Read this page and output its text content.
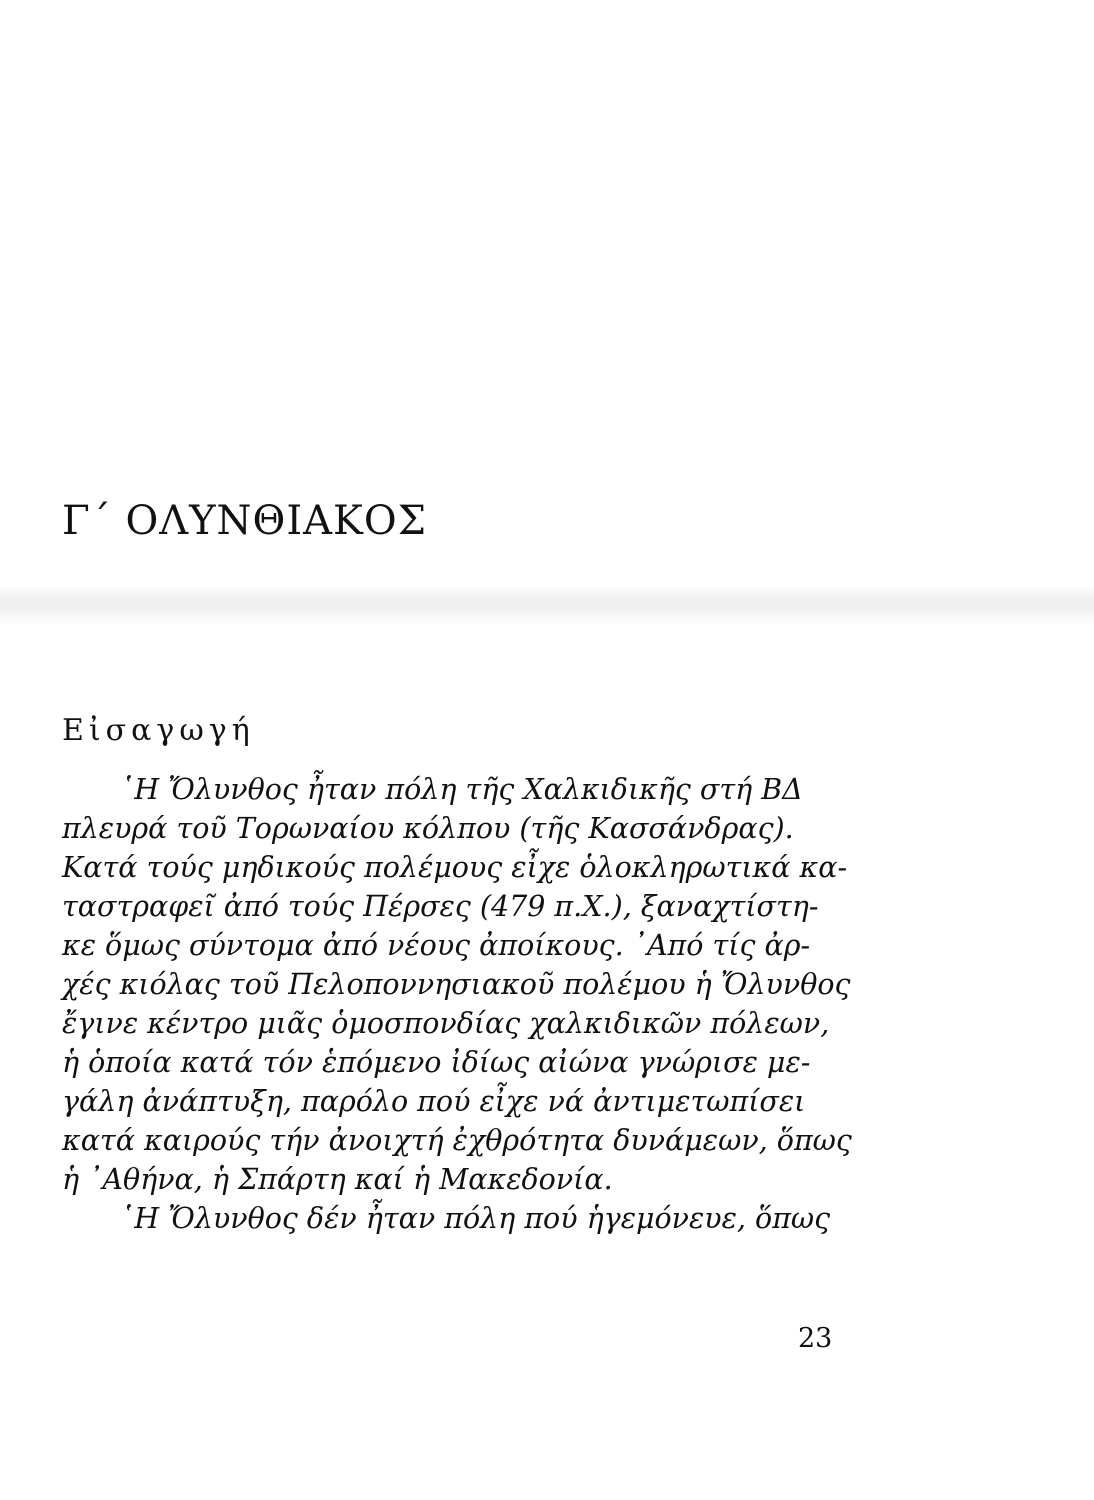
Γ΄ ΟΛΥΝΘΙΑΚΟΣ
Εἰσαγωγή
῾Η Ὄλυνθος ἦταν πόλη τῆς Χαλκιδικῆς στή ΒΔ
πλευρά τοῦ Τορωναίου κόλπου (τῆς Κασσάνδρας).
Κατά τούς μηδικούς πολέμους εἶχε ὁλοκληρωτικά κα-
ταστραφεῖ ἀπό τούς Πέρσες (479 π.Χ.), ξαναχτίστη-
κε ὅμως σύντομα ἀπό νέους ἀποίκους. ᾿Από τίς ἀρ-
χές κιόλας τοῦ Πελοποννησιακοῦ πολέμου ἡ Ὄλυνθος
ἔγινε κέντρο μιᾶς ὁμοσπονδίας χαλκιδικῶν πόλεων,
ἡ ὁποία κατά τόν ἑπόμενο ἰδίως αἰώνα γνώρισε με-
γάλη ἀνάπτυξη, παρόλο πού εἶχε νά ἀντιμετωπίσει
κατά καιρούς τήν ἀνοιχτή ἐχθρότητα δυνάμεων, ὅπως
ἡ ᾿Αθήνα, ἡ Σπάρτη καί ἡ Μακεδονία.
῾Η Ὄλυνθος δέν ἦταν πόλη πού ἡγεμόνευε, ὅπως
23
